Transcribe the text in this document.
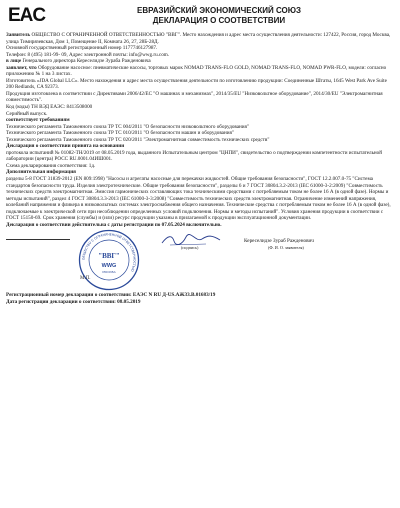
EAC	ЕВРАЗИЙСКИЙ ЭКОНОМИЧЕСКИЙ СОЮЗ
ДЕКЛАРАЦИЯ О СООТВЕТСТВИИ

Заявитель ОБЩЕСТВО С ОГРАНИЧЕННОЙ ОТВЕТСТВЕННОСТЬЮ "ВВГ". Место нахождения и адрес места осуществления деятельности: 127422, Россия, город Москва, улица Тимирязевская, Дом 1, Помещение II, Комната 26, 27, 28Б-28Д.

Основной государственный регистрационный номер 1177746127987.

Телефон: 8 (495) 181-99- 09, Адрес электронной почты: info@wwg.ru.com.

в лице Генерального директора Кереселидзе Зураба Ражденовича

заявляет, что Оборудование насосное: пневматические насосы, торговых марок NOMAD TRANS-FLO GOLD, NOMAD TRANS-FLO, NOMAD PWR-FLO, модели: согласно приложению № 1 на 3 листах.

Изготовитель «JDA Global LLC». Место нахождения и адрес места осуществления деятельности по изготовлению продукции: Соединенные Штаты, 1645 West Park Ave Suite 200 Redlands, CA 92373.

Продукция изготовлена в соответствии с Директивами 2006/42/EC "О машинах и механизмах", 2014/35/EU "Низковольтное оборудование", 2014/30/EU "Электромагнитная совместимость".

Код (коды) ТН ВЭД ЕАЭС: 8413508000

Серийный выпуск.

соответствует требованиям

Технического регламента Таможенного союза ТР ТС 004/2011 "О безопасности низковольтного оборудования"

Технического регламента Таможенного союза ТР ТС 010/2011 "О безопасности машин и оборудования"

Технического регламента Таможенного союза ТР ТС 020/2011 "Электромагнитная совместимость технических средств"

Декларация о соответствии принята на основании

протокола испытаний № 01082-ТН/2019 от 08.05.2019 года, выданного Испытательным центром "ЦНПИ", свидетельство о подтверждении компетентности испытательной лаборатории (центра) РОСС RU.0001.04ИШ001.

Схема декларирования соответствия: 1д.

Дополнительная информация

разделы 5-8 ГОСТ 31839-2012 (EN 809:1998) "Насосы и агрегаты насосные для перекачки жидкостей. Общие требования безопасности", ГОСТ 12.2.007.0-75 "Система стандартов безопасности труда. Изделия электротехнические. Общие требования безопасности", разделы 6 и 7 ГОСТ 30804.3.2-2013 (IEC 61000-3-2:2009) "Совместимость технических средств электромагнитная. Эмиссия гармонических составляющих тока техническими средствами с потребляемым током не более 16 А (в одной фазе). Нормы и методы испытаний", раздел 4 ГОСТ 30804.3.3-2013 (IEC 61000-3-3:2008) "Совместимость технических средств электромагнитная. Ограничение изменений напряжения, колебаний напряжения и фликера в низковольтных системах электроснабжения общего назначения. Технические средства с потребляемым током не более 16 А (в одной фазе), подключаемые к электрической сети при несоблюдении определенных условий подключения. Нормы и методы испытаний". Условия хранения продукции в соответствии с ГОСТ 15150-69. Срок хранения (службы) и (или) ресурс продукции указаны в прилагаемой к продукции эксплуатационной документации.

Декларация о соответствии действительна с даты регистрации по 07.05.2024 включительно.

ОБЩЕСТВО С ОГРАНИЧЕННОЙ ОТВЕТСТВЕННОСТЬЮ
"ВВГ"
WWG
МОСКВА
Кереселидзе Зураб Ражденович
(подпись)	(Ф. И. О. заявителя)
М.П.

Регистрационный номер декларации о соответствии: ЕАЭС N RU Д-US.АЖ33.В.01683/19

Дата регистрации декларации о соответствии: 08.05.2019
